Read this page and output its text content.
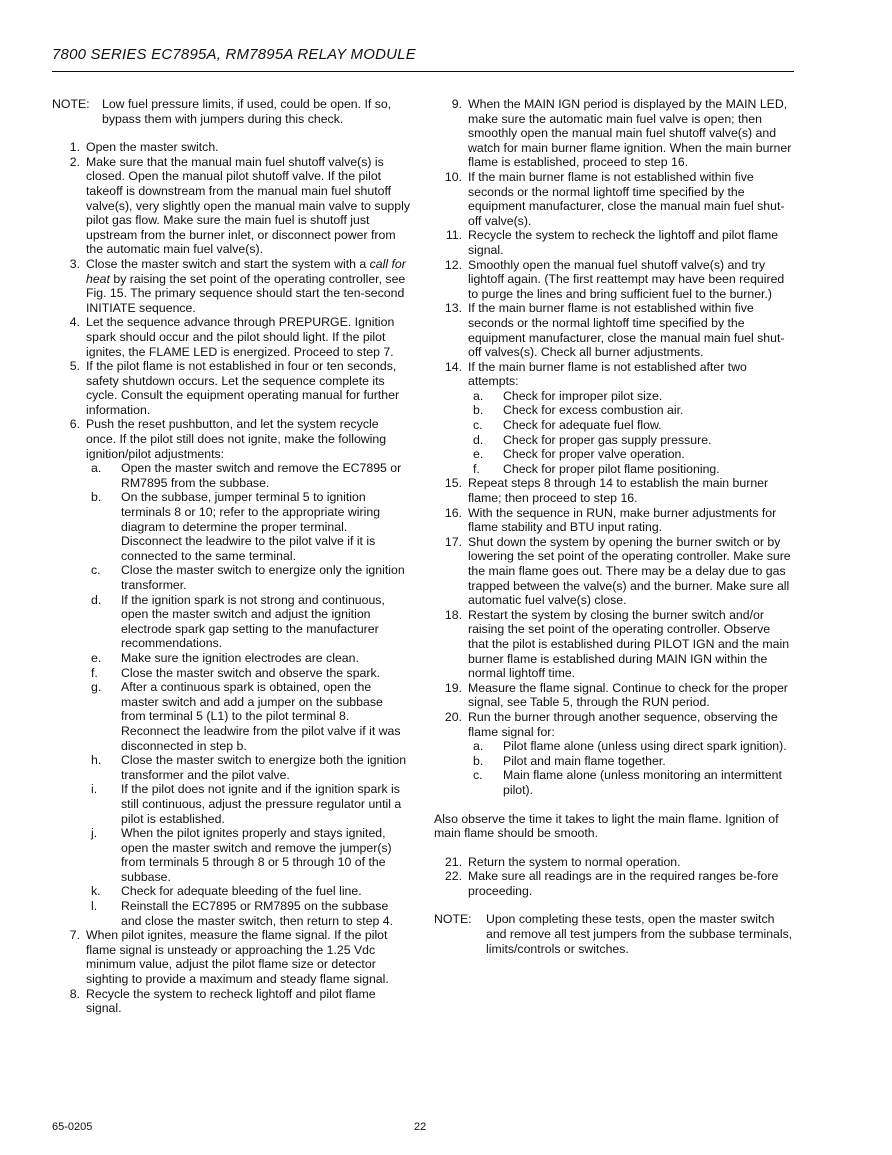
7800 SERIES EC7895A, RM7895A RELAY MODULE
NOTE:	Low fuel pressure limits, if used, could be open. If so, bypass them with jumpers during this check.
1. Open the master switch.
2. Make sure that the manual main fuel shutoff valve(s) is closed. Open the manual pilot shutoff valve. If the pilot takeoff is downstream from the manual main fuel shutoff valve(s), very slightly open the manual main valve to supply pilot gas flow. Make sure the main fuel is shutoff just upstream from the burner inlet, or disconnect power from the automatic main fuel valve(s).
3. Close the master switch and start the system with a call for heat by raising the set point of the operating controller, see Fig. 15. The primary sequence should start the ten-second INITIATE sequence.
4. Let the sequence advance through PREPURGE. Ignition spark should occur and the pilot should light. If the pilot ignites, the FLAME LED is energized. Proceed to step 7.
5. If the pilot flame is not established in four or ten seconds, safety shutdown occurs. Let the sequence complete its cycle. Consult the equipment operating manual for further information.
6. Push the reset pushbutton, and let the system recycle once. If the pilot still does not ignite, make the following ignition/pilot adjustments:
a.	Open the master switch and remove the EC7895 or RM7895 from the subbase.
b.	On the subbase, jumper terminal 5 to ignition terminals 8 or 10; refer to the appropriate wiring diagram to determine the proper terminal. Disconnect the leadwire to the pilot valve if it is connected to the same terminal.
c.	Close the master switch to energize only the ignition transformer.
d.	If the ignition spark is not strong and continuous, open the master switch and adjust the ignition electrode spark gap setting to the manufacturer recommendations.
e.	Make sure the ignition electrodes are clean.
f.	Close the master switch and observe the spark.
g.	After a continuous spark is obtained, open the master switch and add a jumper on the subbase from terminal 5 (L1) to the pilot terminal 8. Reconnect the leadwire from the pilot valve if it was disconnected in step b.
h.	Close the master switch to energize both the ignition transformer and the pilot valve.
i.	If the pilot does not ignite and if the ignition spark is still continuous, adjust the pressure regulator until a pilot is established.
j.	When the pilot ignites properly and stays ignited, open the master switch and remove the jumper(s) from terminals 5 through 8 or 5 through 10 of the subbase.
k.	Check for adequate bleeding of the fuel line.
l.	Reinstall the EC7895 or RM7895 on the subbase and close the master switch, then return to step 4.
7. When pilot ignites, measure the flame signal. If the pilot flame signal is unsteady or approaching the 1.25 Vdc minimum value, adjust the pilot flame size or detector sighting to provide a maximum and steady flame signal.
8. Recycle the system to recheck lightoff and pilot flame signal.
9. When the MAIN IGN period is displayed by the MAIN LED, make sure the automatic main fuel valve is open; then smoothly open the manual main fuel shutoff valve(s) and watch for main burner flame ignition. When the main burner flame is established, proceed to step 16.
10. If the main burner flame is not established within five seconds or the normal lightoff time specified by the equipment manufacturer, close the manual main fuel shut-off valve(s).
11. Recycle the system to recheck the lightoff and pilot flame signal.
12. Smoothly open the manual fuel shutoff valve(s) and try lightoff again. (The first reattempt may have been required to purge the lines and bring sufficient fuel to the burner.)
13. If the main burner flame is not established within five seconds or the normal lightoff time specified by the equipment manufacturer, close the manual main fuel shut-off valves(s). Check all burner adjustments.
14. If the main burner flame is not established after two attempts:
a.	Check for improper pilot size.
b.	Check for excess combustion air.
c.	Check for adequate fuel flow.
d.	Check for proper gas supply pressure.
e.	Check for proper valve operation.
f.	Check for proper pilot flame positioning.
15. Repeat steps 8 through 14 to establish the main burner flame; then proceed to step 16.
16. With the sequence in RUN, make burner adjustments for flame stability and BTU input rating.
17. Shut down the system by opening the burner switch or by lowering the set point of the operating controller. Make sure the main flame goes out. There may be a delay due to gas trapped between the valve(s) and the burner. Make sure all automatic fuel valve(s) close.
18. Restart the system by closing the burner switch and/or raising the set point of the operating controller. Observe that the pilot is established during PILOT IGN and the main burner flame is established during MAIN IGN within the normal lightoff time.
19. Measure the flame signal. Continue to check for the proper signal, see Table 5, through the RUN period.
20. Run the burner through another sequence, observing the flame signal for:
a.	Pilot flame alone (unless using direct spark ignition).
b.	Pilot and main flame together.
c.	Main flame alone (unless monitoring an intermittent pilot).

Also observe the time it takes to light the main flame. Ignition of main flame should be smooth.

21. Return the system to normal operation.
22. Make sure all readings are in the required ranges be-fore proceeding.
NOTE:	Upon completing these tests, open the master switch and remove all test jumpers from the subbase terminals, limits/controls or switches.
65-0205	22
